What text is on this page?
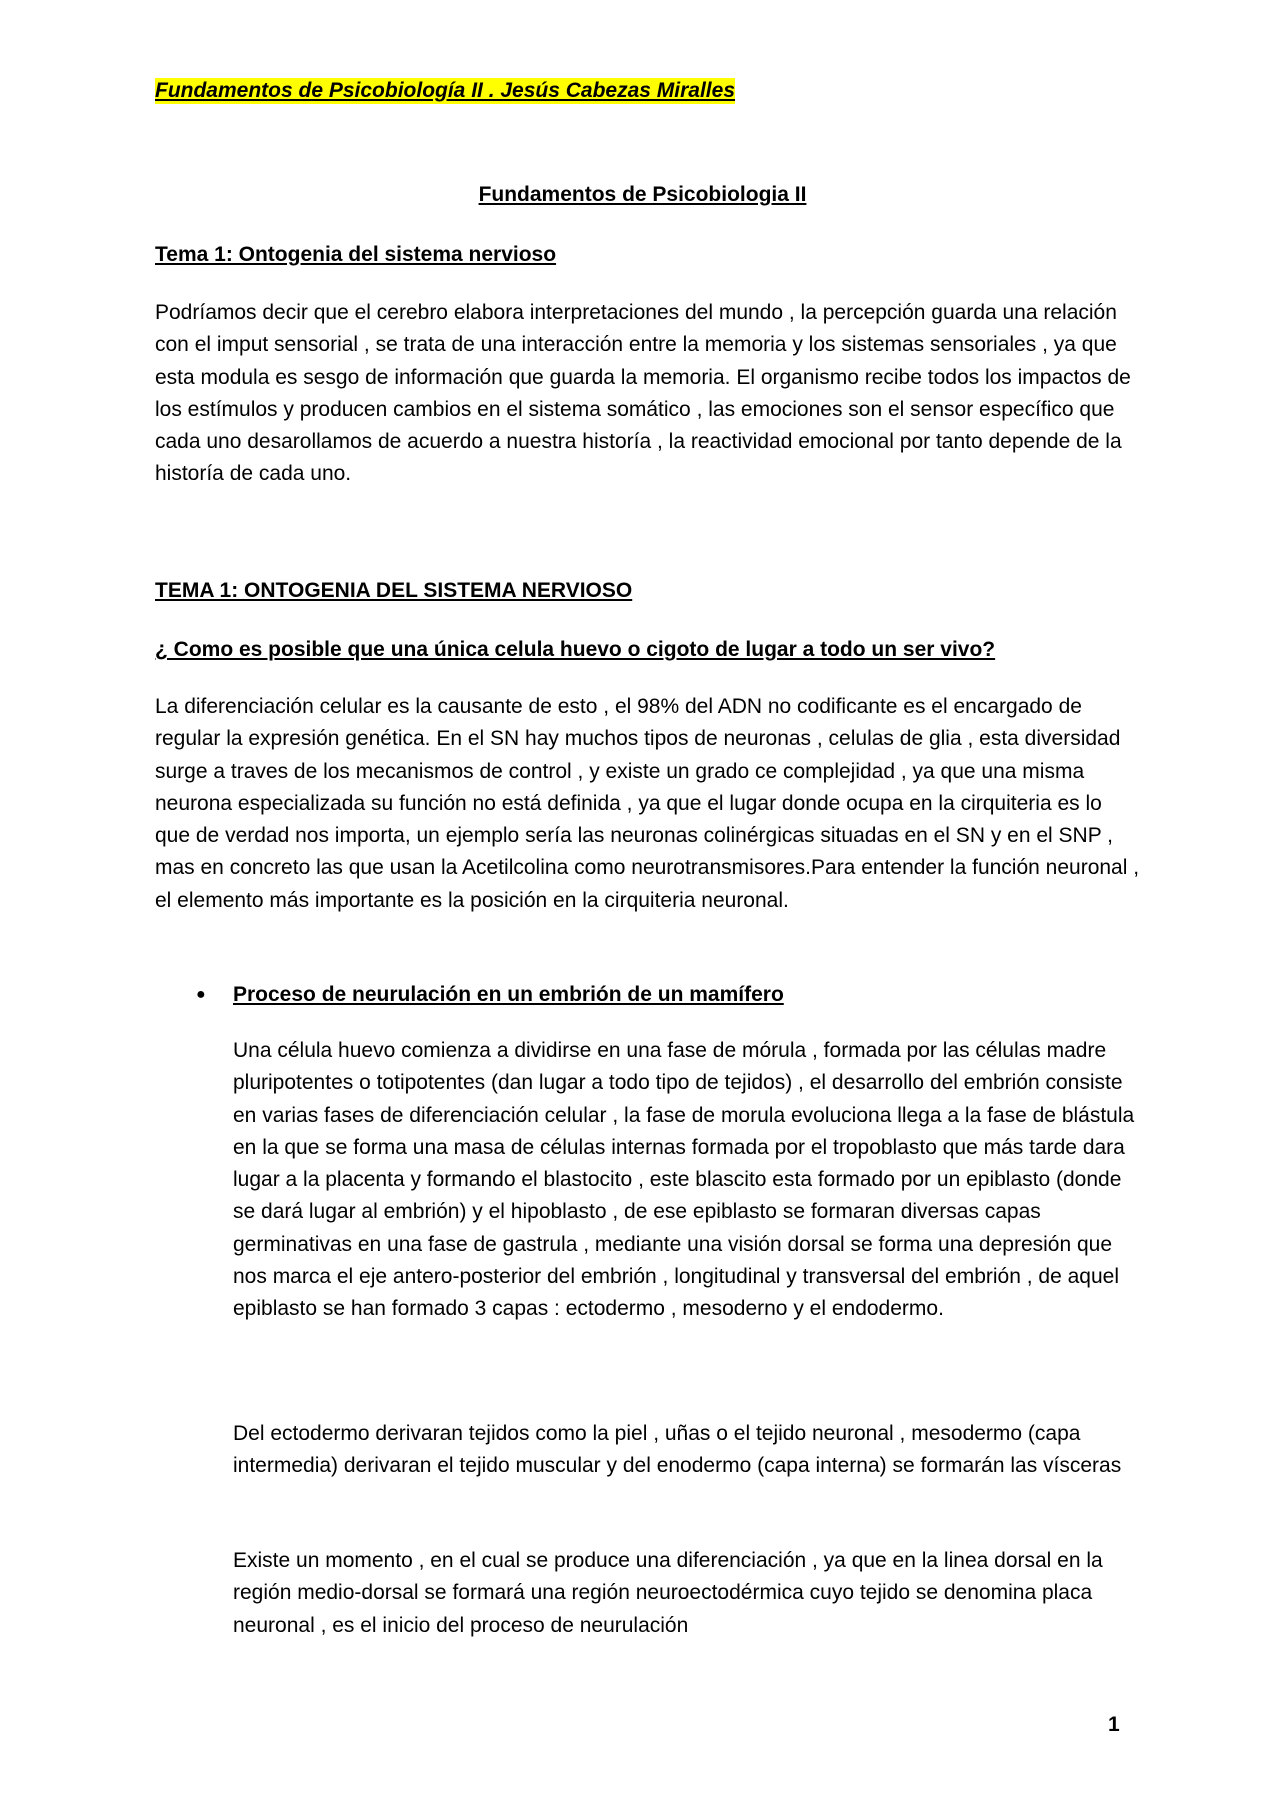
Fundamentos de Psicobiología II . Jesús Cabezas Miralles
Fundamentos de Psicobiologia II
Tema 1: Ontogenia del sistema nervioso

Podríamos decir que el cerebro elabora interpretaciones del mundo , la percepción guarda una relación con el imput sensorial , se trata de una interacción entre la memoria y los sistemas sensoriales , ya que esta modula es sesgo de información que guarda la memoria. El organismo recibe todos los impactos de los estímulos y producen cambios en el sistema somático , las emociones son el sensor específico que cada uno desarollamos de acuerdo a nuestra historía , la reactividad emocional por tanto depende de la historía de cada uno.

TEMA 1: ONTOGENIA DEL SISTEMA NERVIOSO
¿ Como es posible que una única celula huevo o cigoto de lugar a todo un ser vivo?

La diferenciación celular es la causante de esto , el 98% del ADN no codificante es el encargado de regular la expresión genética. En el SN hay muchos tipos de neuronas , celulas de glia , esta diversidad surge a traves de los mecanismos de control , y existe un grado ce complejidad , ya que una misma neurona especializada su función no está definida , ya que el lugar donde ocupa en la cirquiteria es lo que de verdad nos importa, un ejemplo sería las neuronas colinérgicas situadas en el SN y en el SNP , mas en concreto las que usan la Acetilcolina como neurotransmisores.Para entender la función neuronal , el elemento más importante es la posición en la cirquiteria neuronal.

● Proceso de neurulación en un embrión de un mamífero

Una célula huevo comienza a dividirse en una fase de mórula , formada por las células madre pluripotentes o totipotentes (dan lugar a todo tipo de tejidos) , el desarrollo del embrión consiste en varias fases de diferenciación celular , la fase de morula evoluciona llega a la fase de blástula en la que se forma una masa de células internas formada por el tropoblasto que más tarde dara lugar a la placenta y formando el blastocito , este blascito esta formado por un epiblasto (donde se dará lugar al embrión) y el hipoblasto , de ese epiblasto se formaran diversas capas germinativas en una fase de gastrula , mediante una visión dorsal se forma una depresión que nos marca el eje antero-posterior del embrión , longitudinal y transversal del embrión , de aquel epiblasto se han formado 3 capas : ectodermo , mesoderno y el endodermo.

Del ectodermo derivaran tejidos como la piel , uñas o el tejido neuronal , mesodermo (capa intermedia) derivaran el tejido muscular y del enodermo (capa interna) se formarán las vísceras

Existe un momento , en el cual se produce una diferenciación , ya que en la linea dorsal en la región medio-dorsal se formará una región neuroectodérmica cuyo tejido se denomina placa neuronal , es el inicio del proceso de neurulación

1
